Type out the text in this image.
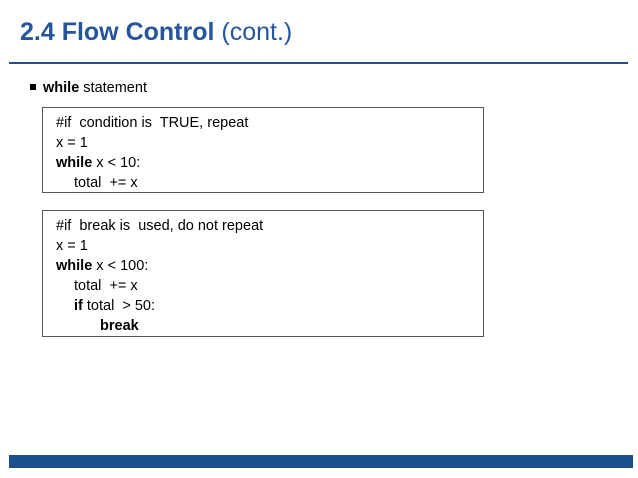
2.4 Flow Control (cont.)
while statement
#if  condition is  TRUE, repeat
x = 1
while x < 10:
total  += x
#if  break is  used, do not repeat
x = 1
while x < 100:
total  += x
if total  > 50:
break
